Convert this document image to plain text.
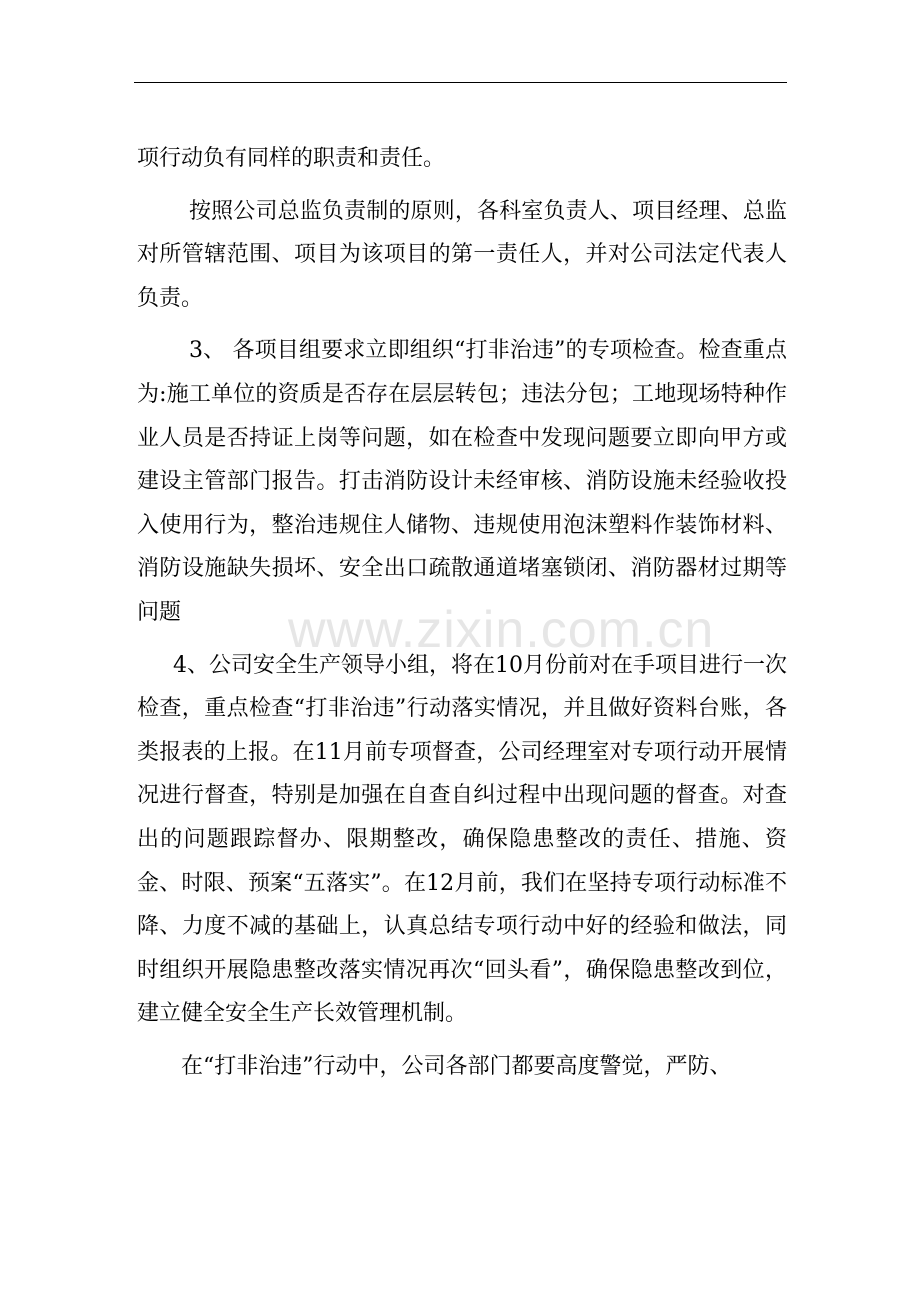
www.zixin.com.cn

项行动负有同样的职责和责任。

按照公司总监负责制的原则，各科室负责人、项目经理、总监对所管辖范围、项目为该项目的第一责任人，并对公司法定代表人负责。

3、 各项目组要求立即组织“打非治违”的专项检查。检查重点为:施工单位的资质是否存在层层转包；违法分包；工地现场特种作业人员是否持证上岗等问题，如在检查中发现问题要立即向甲方或建设主管部门报告。打击消防设计未经审核、消防设施未经验收投入使用行为，整治违规住人储物、违规使用泡沫塑料作装饰材料、消防设施缺失损坏、安全出口疏散通道堵塞锁闭、消防器材过期等问题

4、公司安全生产领导小组，将在10月份前对在手项目进行一次检查，重点检查“打非治违”行动落实情况，并且做好资料台账，各类报表的上报。在11月前专项督查，公司经理室对专项行动开展情况进行督查，特别是加强在自查自纠过程中出现问题的督查。对查出的问题跟踪督办、限期整改，确保隐患整改的责任、措施、资金、时限、预案“五落实”。在12月前，我们在坚持专项行动标准不降、力度不减的基础上，认真总结专项行动中好的经验和做法，同时组织开展隐患整改落实情况再次“回头看”，确保隐患整改到位，建立健全安全生产长效管理机制。

在“打非治违”行动中，公司各部门都要高度警觉，严防、
